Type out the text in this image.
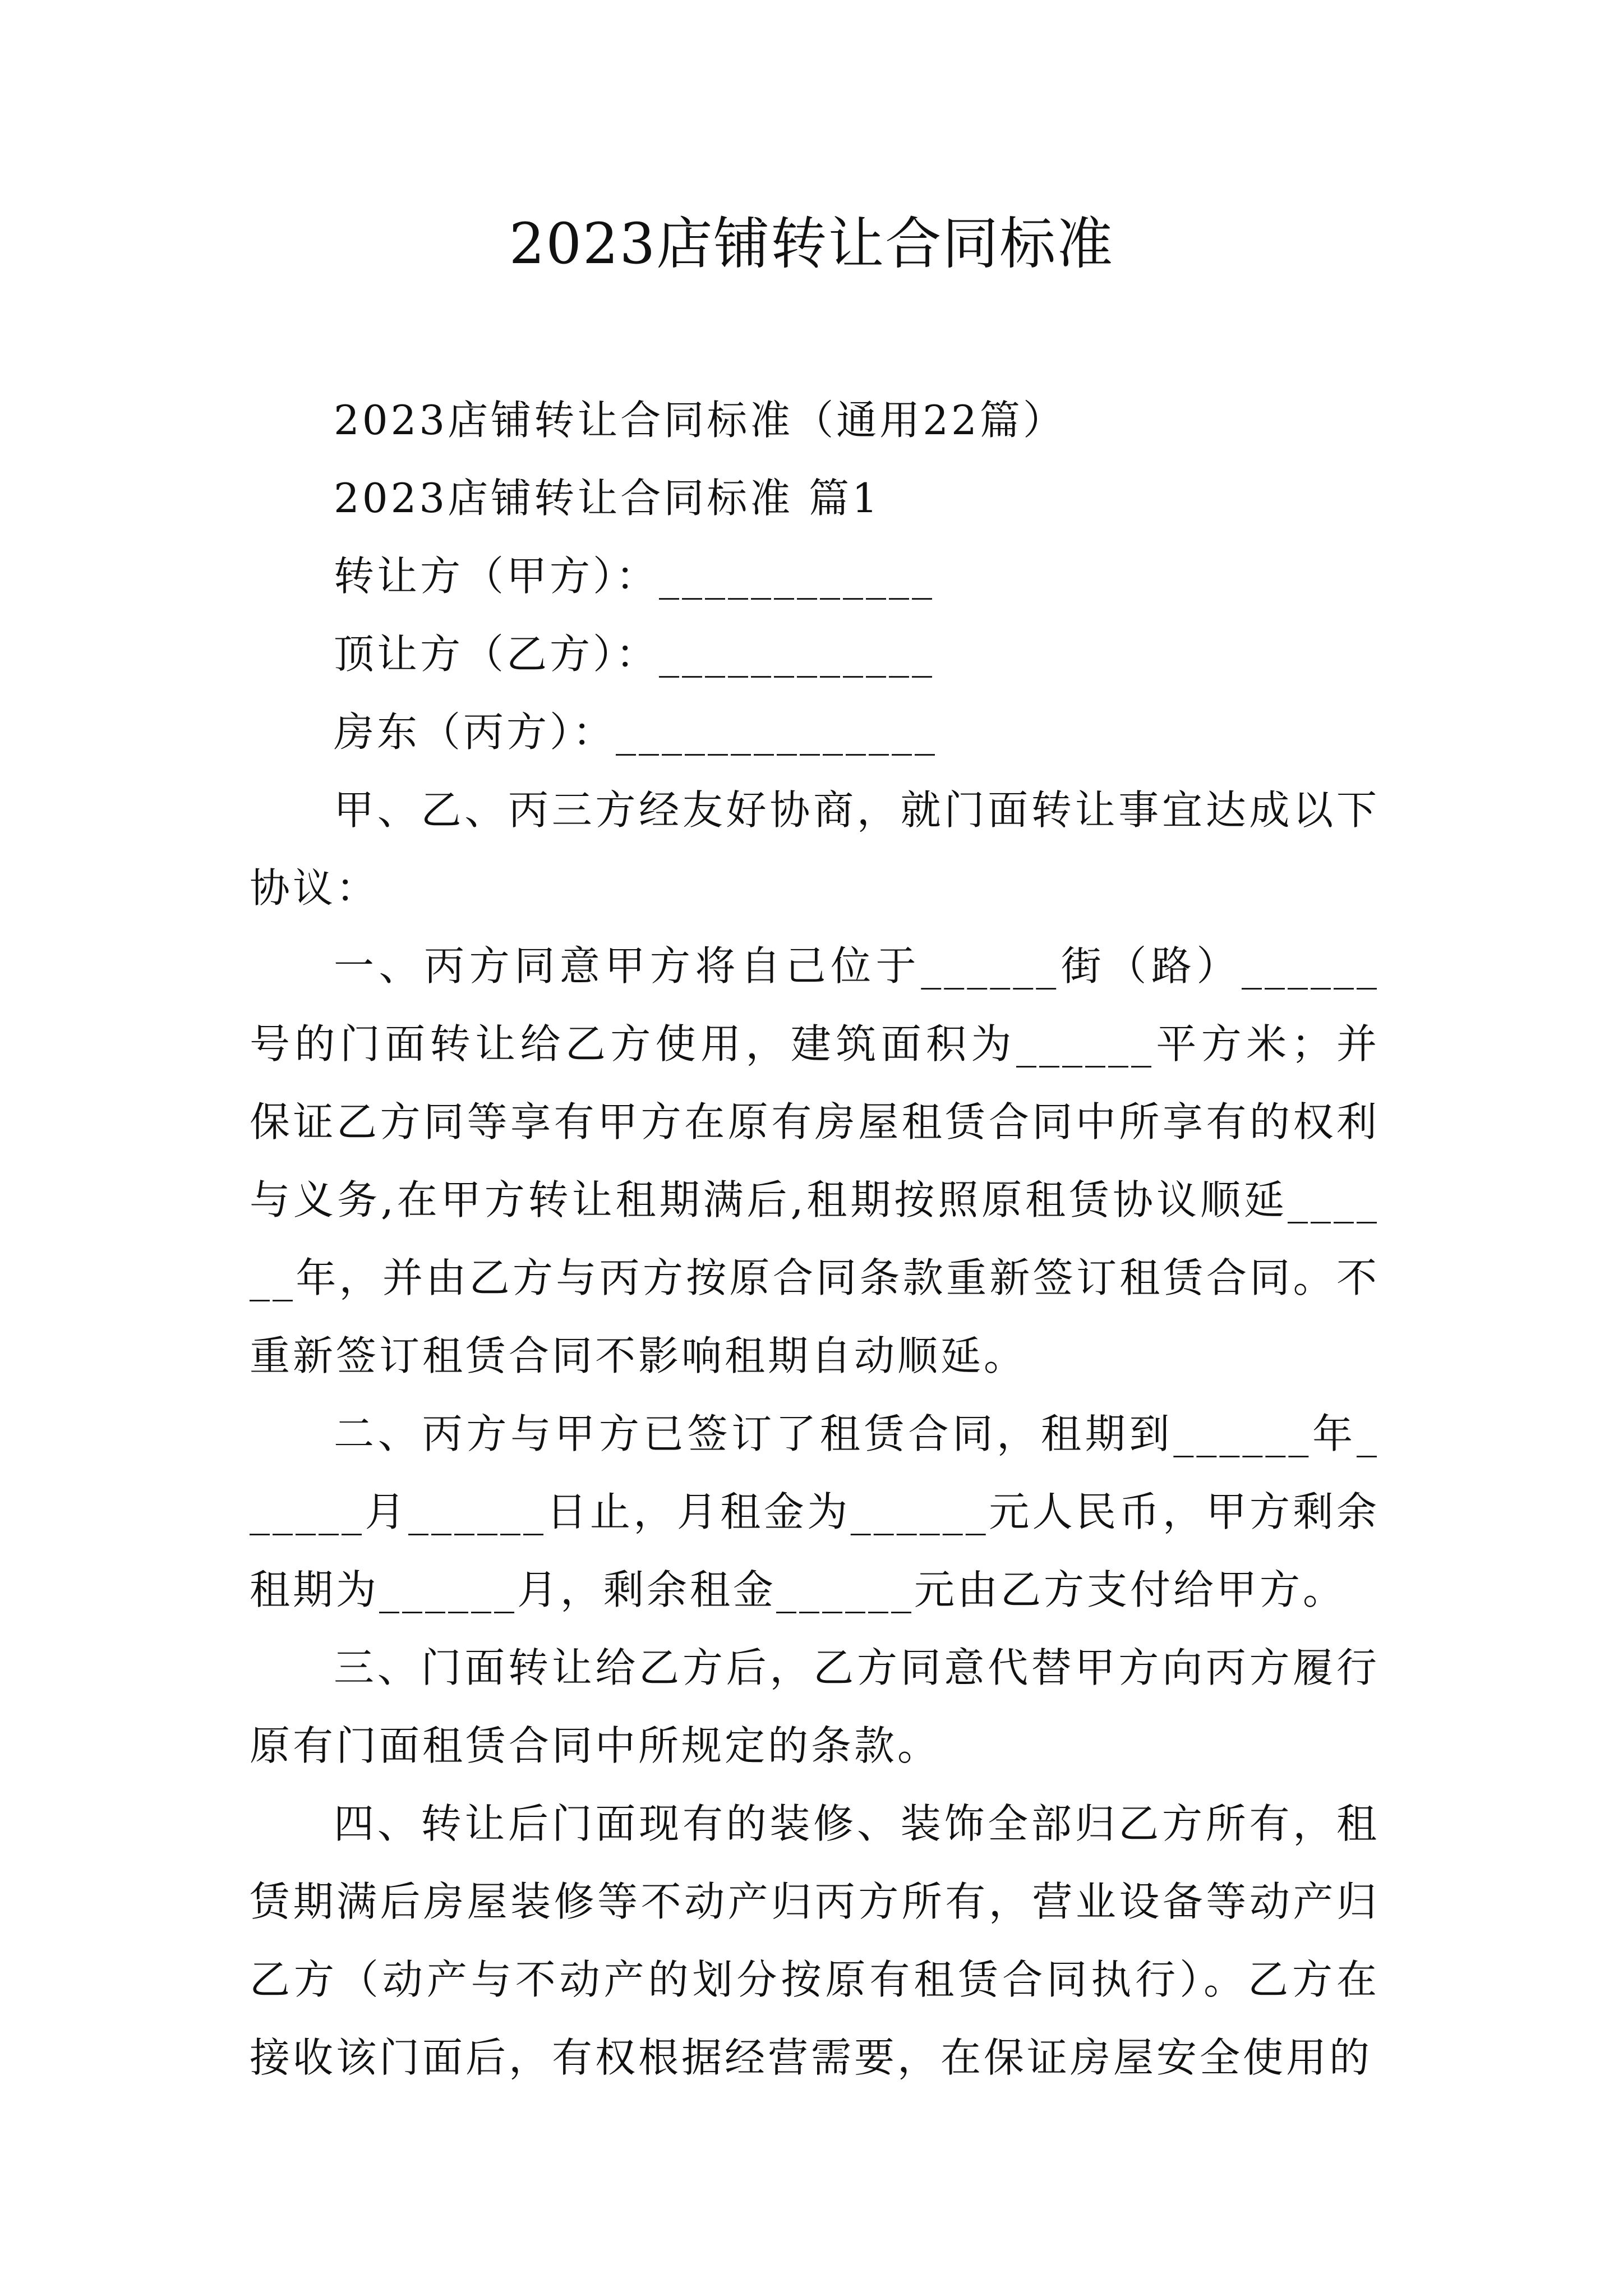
2023店铺转让合同标准

2023店铺转让合同标准（通用22篇）

2023店铺转让合同标准 篇1

转让方（甲方）：____________

顶让方（乙方）：____________

房东（丙方）：______________

甲、乙、丙三方经友好协商，就门面转让事宜达成以下协议：

一、丙方同意甲方将自己位于______街（路）______号的门面转让给乙方使用，建筑面积为______平方米；并保证乙方同等享有甲方在原有房屋租赁合同中所享有的权利与义务,在甲方转让租期满后,租期按照原租赁协议顺延______年，并由乙方与丙方按原合同条款重新签订租赁合同。不重新签订租赁合同不影响租期自动顺延。

二、丙方与甲方已签订了租赁合同，租期到______年______月______日止，月租金为______元人民币，甲方剩余租期为______月，剩余租金______元由乙方支付给甲方。

三、门面转让给乙方后，乙方同意代替甲方向丙方履行原有门面租赁合同中所规定的条款。

四、转让后门面现有的装修、装饰全部归乙方所有，租赁期满后房屋装修等不动产归丙方所有，营业设备等动产归乙方（动产与不动产的划分按原有租赁合同执行）。乙方在接收该门面后，有权根据经营需要，在保证房屋安全使用的
